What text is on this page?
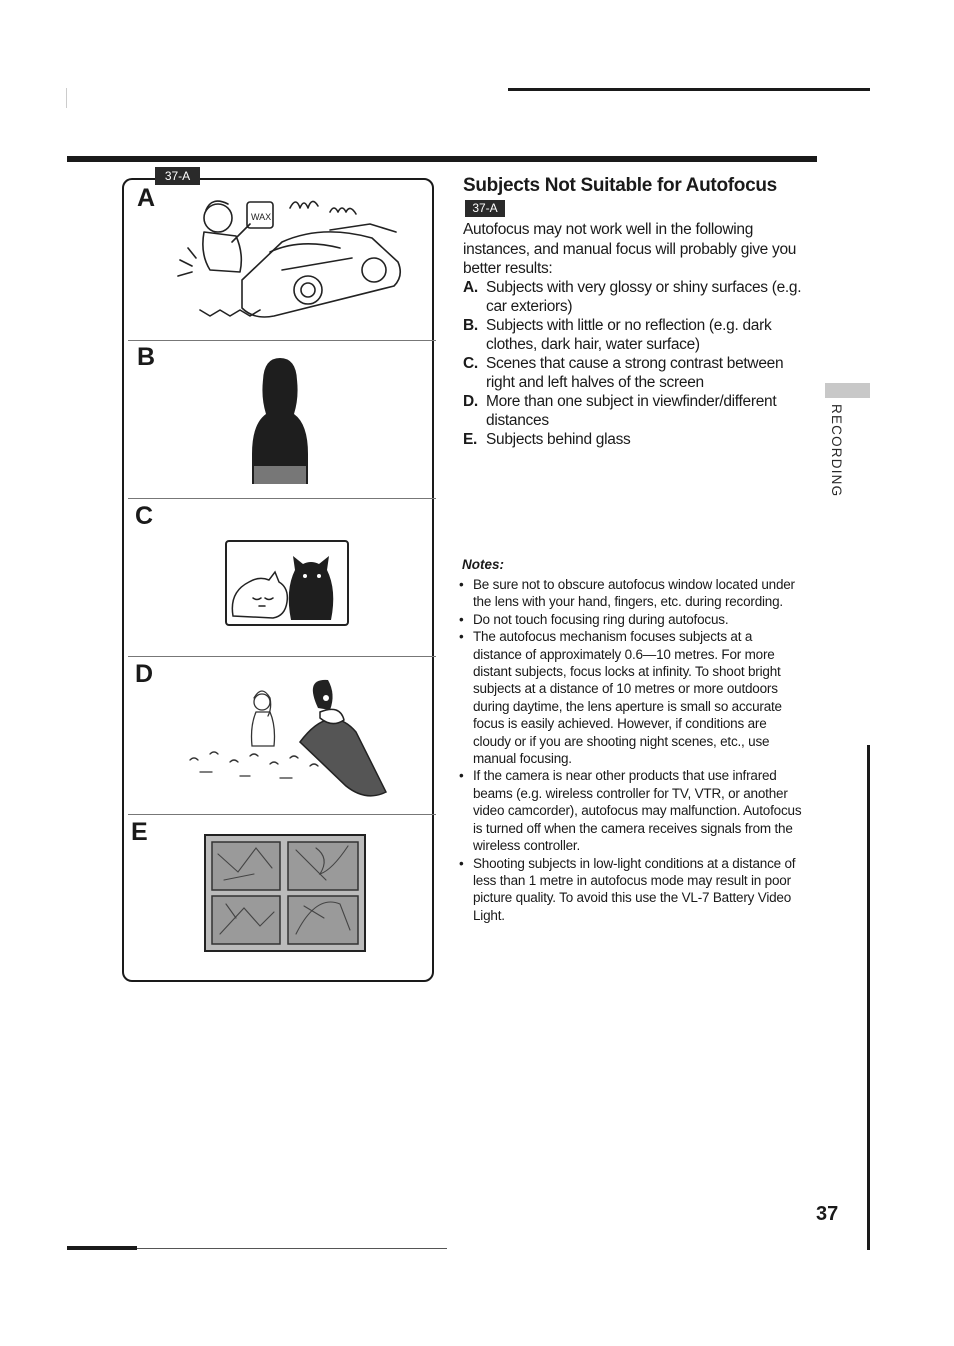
37-A
A
B
C
D
E
WAX
Subjects Not Suitable for Autofocus
37-A

Autofocus may not work well in the following instances, and manual focus will probably give you better results:

A. Subjects with very glossy or shiny surfaces (e.g. car exteriors)
B. Subjects with little or no reflection (e.g. dark clothes, dark hair, water surface)
C. Scenes that cause a strong contrast between right and left halves of the screen
D. More than one subject in viewfinder/different distances
E. Subjects behind glass
Notes:
• Be sure not to obscure autofocus window located under the lens with your hand, fingers, etc. during recording.
• Do not touch focusing ring during autofocus.
• The autofocus mechanism focuses subjects at a distance of approximately 0.6—10 metres. For more distant subjects, focus locks at infinity. To shoot bright subjects at a distance of 10 metres or more outdoors during daytime, the lens aperture is small so accurate focus is easily achieved. However, if conditions are cloudy or if you are shooting night scenes, etc., use manual focusing.
• If the camera is near other products that use infrared beams (e.g. wireless controller for TV, VTR, or another video camcorder), autofocus may malfunction. Autofocus is turned off when the camera receives signals from the wireless controller.
• Shooting subjects in low-light conditions at a distance of less than 1 metre in autofocus mode may result in poor picture quality. To avoid this use the VL-7 Battery Video Light.
RECORDING
37
